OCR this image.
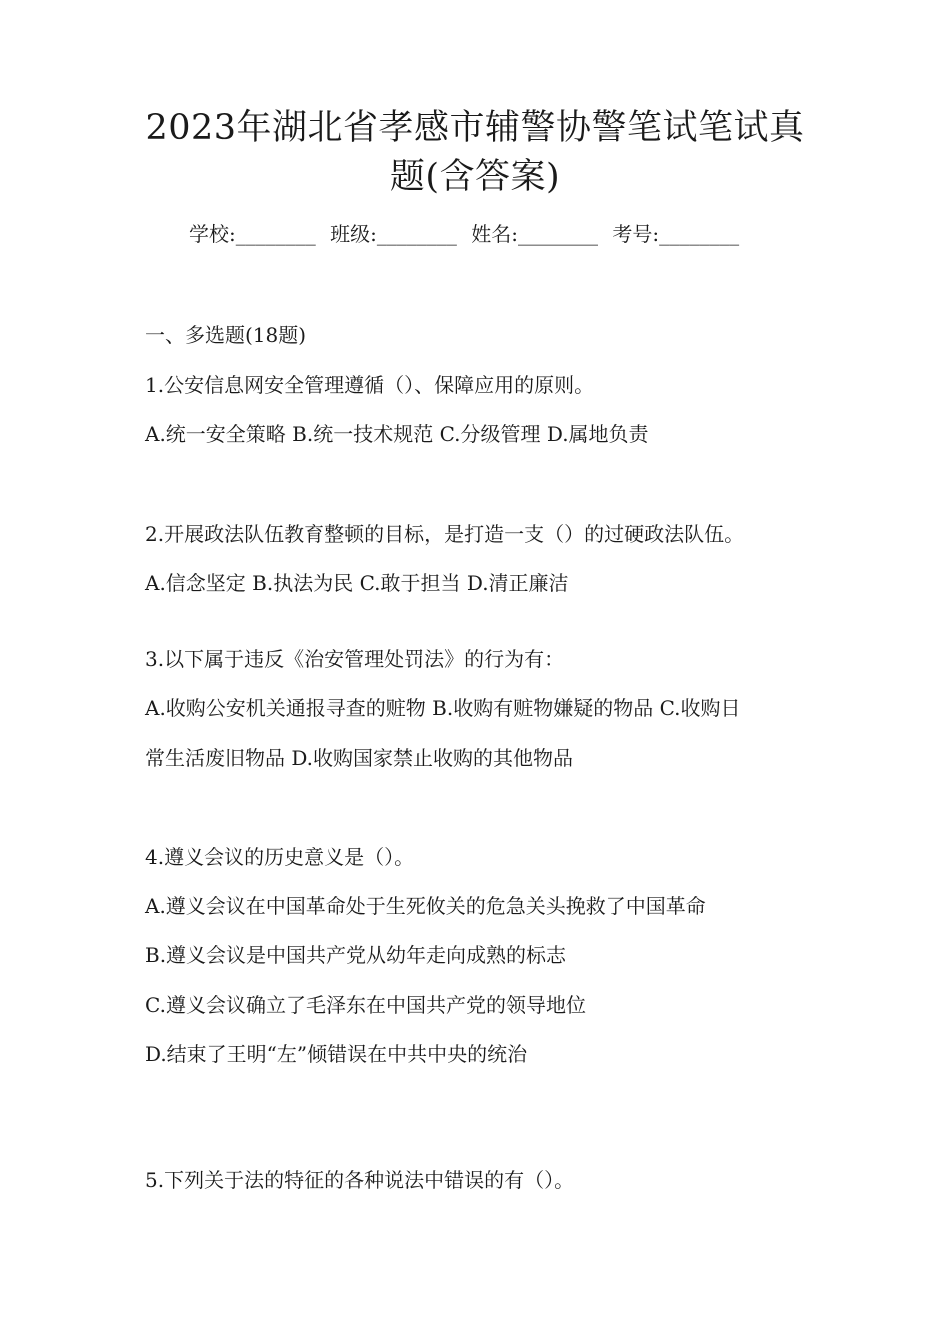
2023年湖北省孝感市辅警协警笔试笔试真
题(含答案)
学校:________ 班级:________ 姓名:________ 考号:________
一、多选题(18题)
1.公安信息网安全管理遵循（）、保障应用的原则。
A.统一安全策略 B.统一技术规范 C.分级管理 D.属地负责
2.开展政法队伍教育整顿的目标，是打造一支（）的过硬政法队伍。
A.信念坚定 B.执法为民 C.敢于担当 D.清正廉洁
3.以下属于违反《治安管理处罚法》的行为有：
A.收购公安机关通报寻查的赃物 B.收购有赃物嫌疑的物品 C.收购日
常生活废旧物品 D.收购国家禁止收购的其他物品
4.遵义会议的历史意义是（）。
A.遵义会议在中国革命处于生死攸关的危急关头挽救了中国革命
B.遵义会议是中国共产党从幼年走向成熟的标志
C.遵义会议确立了毛泽东在中国共产党的领导地位
D.结束了王明“左”倾错误在中共中央的统治
5.下列关于法的特征的各种说法中错误的有（）。
